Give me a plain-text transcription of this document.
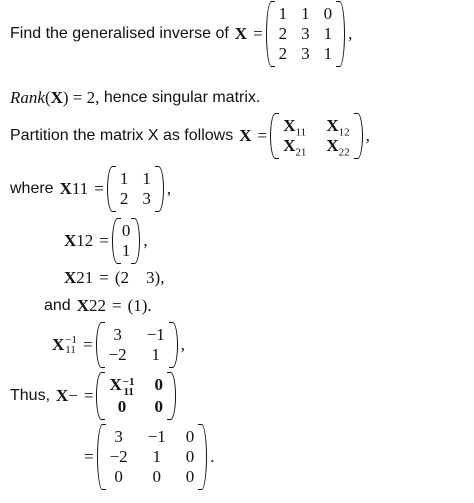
Find the generalised inverse of X =
1 1 0
2 3 1
2 3 1
,
Rank ( X ) = 2, hence singular matrix.
Partition the matrix X as follows X =
$X_{11}$ $X_{12}$
$X_{21}$ $X_{22}$
,
where X 11 =
1 1
2 3
,
X 12 =
0
1
,
X 21 = (2 3) ,
and X 22 = (1).
X −1
11 =
3 −1
−2 1
,
Thus, X − =
X −1
11 0
0	0
=
3 −1 0
−2 1 0
0 0 0
.
